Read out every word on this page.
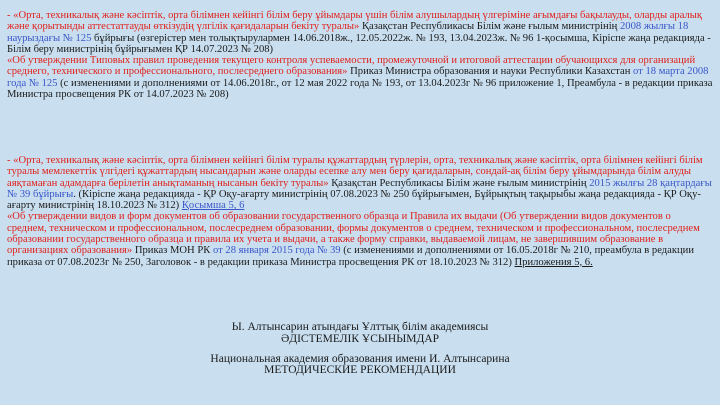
- «Орта, техникалық және кәсіптік, орта білімнен кейінгі білім беру ұйымдары үшін білім алушылардың үлгеріміне ағымдағы бақылауды, оларды аралық және қорытынды аттестаттауды өткізудің үлгілік қағидаларын бекіту туралы» Қазақстан Республикасы Білім және ғылым министрінің 2008 жылғы 18 наурыздағы № 125 бұйрығы (өзгерістер мен толықтырулармен 14.06.2018ж., 12.05.2022ж. № 193, 13.04.2023ж. № 96 1-қосымша, Кіріспе жаңа редакцияда - Білім беру министрінің бұйрығымен ҚР 14.07.2023 № 208)
«Об утверждении Типовых правил проведения текущего контроля успеваемости, промежуточной и итоговой аттестации обучающихся для организаций среднего, технического и профессионального, послесреднего образования» Приказ Министра образования и науки Республики Казахстан от 18 марта 2008 года № 125 (с изменениями и дополнениями от 14.06.2018г., от 12 мая 2022 года № 193, от 13.04.2023г № 96 приложение 1, Преамбула - в редакции приказа Министра просвещения РК от 14.07.2023 № 208)

- «Орта, техникалық және кәсіптік, орта білімнен кейінгі білім туралы құжаттардың түрлерін, орта, техникалық және кәсіптік, орта білімнен кейінгі білім туралы мемлекеттік үлгідегі құжаттардың нысандарын және оларды есепке алу мен беру қағидаларын, сондай-ақ білім беру ұйымдарында білім алуды аяқтамаған адамдарға берілетін анықтаманың нысанын бекіту туралы» Қазақстан Республикасы Білім және ғылым министрінің 2015 жылғы 28 қаңтардағы № 39 бұйрығы. (Кіріспе жаңа редакцияда - ҚР Оқу-ағарту министрінің 07.08.2023 № 250 бұйрығымен, Бұйрықтың тақырыбы жаңа редакцияда - ҚР Оқу-ағарту министрінің 18.10.2023 № 312) Қосымша 5, 6
«Об утверждении видов и форм документов об образовании государственного образца и Правила их выдачи (Об утверждении видов документов о среднем, техническом и профессиональном, послесреднем образовании, формы документов о среднем, техническом и профессиональном, послесреднем образовании государственного образца и правила их учета и выдачи, а также форму справки, выдаваемой лицам, не завершившим образование в организациях образования» Приказ МОН РК от 28 января 2015 года № 39 (с изменениями и дополнениями от 16.05.2018г № 210, преамбула в редакции приказа от 07.08.2023г № 250, Заголовок - в редакции приказа Министра просвещения РК от 18.10.2023 № 312) Приложения 5, 6.

Ы. Алтынсарин атындағы Ұлттық білім академиясы
ӘДІСТЕМЕЛІК ҰСЫНЫМДАР
Национальная академия образования имени И. Алтынсарина
МЕТОДИЧЕСКИЕ РЕКОМЕНДАЦИИ
